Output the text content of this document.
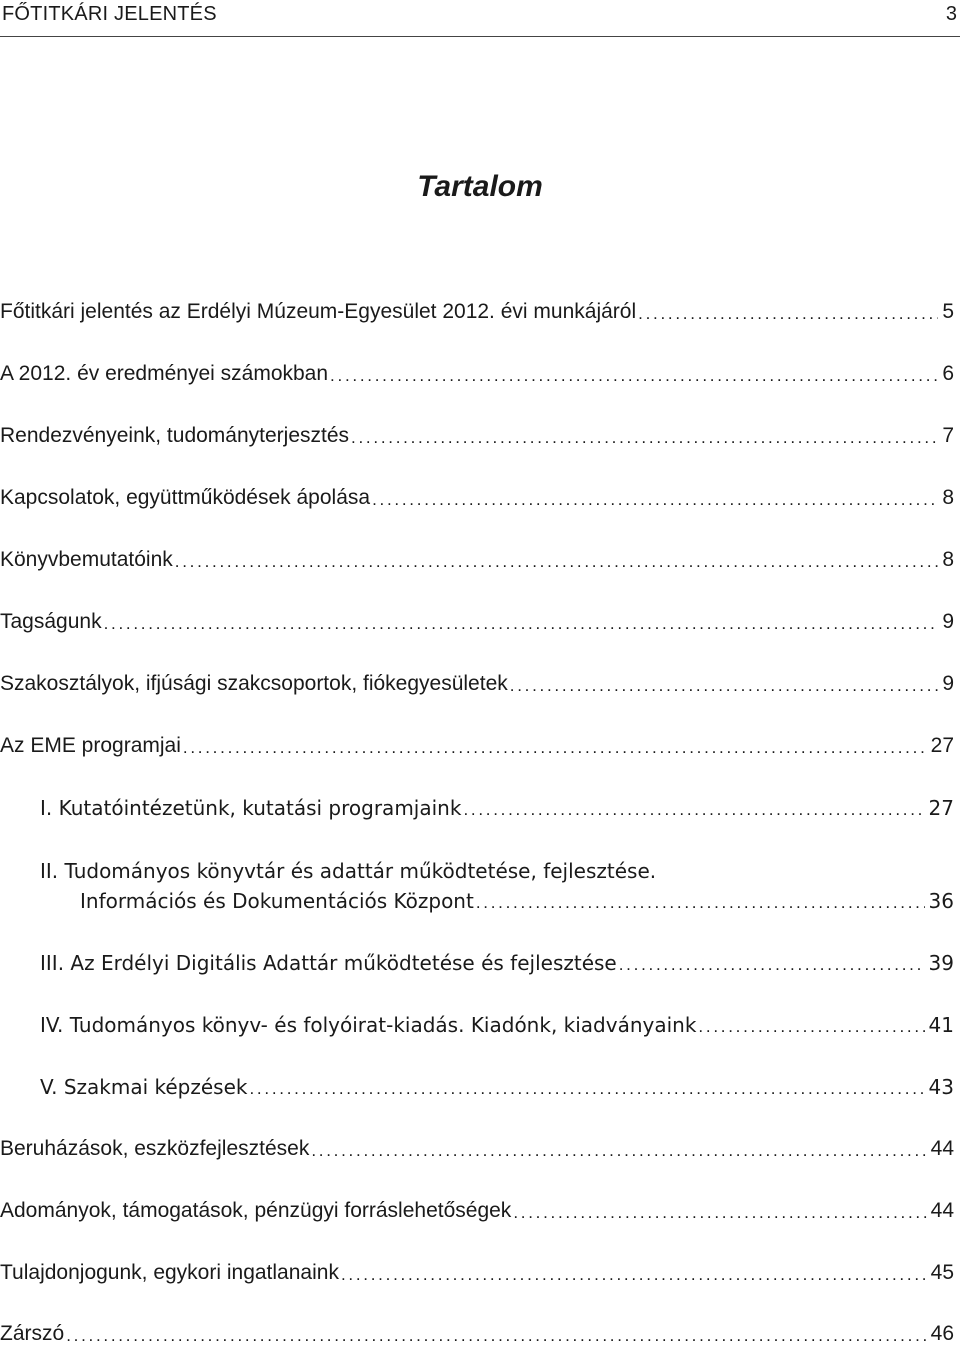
FŐTITKÁRI JELENTÉS	3
Tartalom
Főtitkári jelentés az Erdélyi Múzeum-Egyesület 2012. évi munkájáról . . .	5
A 2012. év eredményei számokban . . .	6
Rendezvényeink, tudományterjesztés . . .	7
Kapcsolatok, együttműködések ápolása . . .	8
Könyvbemutatóink . . .	8
Tagságunk . . .	9
Szakosztályok, ifjúsági szakcsoportok, fiókegyesületek . . .	9
Az EME programjai . . .	27
I. Kutatóintézetünk, kutatási programjaink . . .	27
II. Tudományos könyvtár és adattár működtetése, fejlesztése.
Információs és Dokumentációs Központ . . .	36
III. Az Erdélyi Digitális Adattár működtetése és fejlesztése . . .	39
IV. Tudományos könyv- és folyóirat-kiadás. Kiadónk, kiadványaink . . .	41
V. Szakmai képzések . . .	43
Beruházások, eszközfejlesztések . . .	44
Adományok, támogatások, pénzügyi forráslehetőségek . . .	44
Tulajdonjogunk, egykori ingatlanaink . . .	45
Zárszó . . .	46
